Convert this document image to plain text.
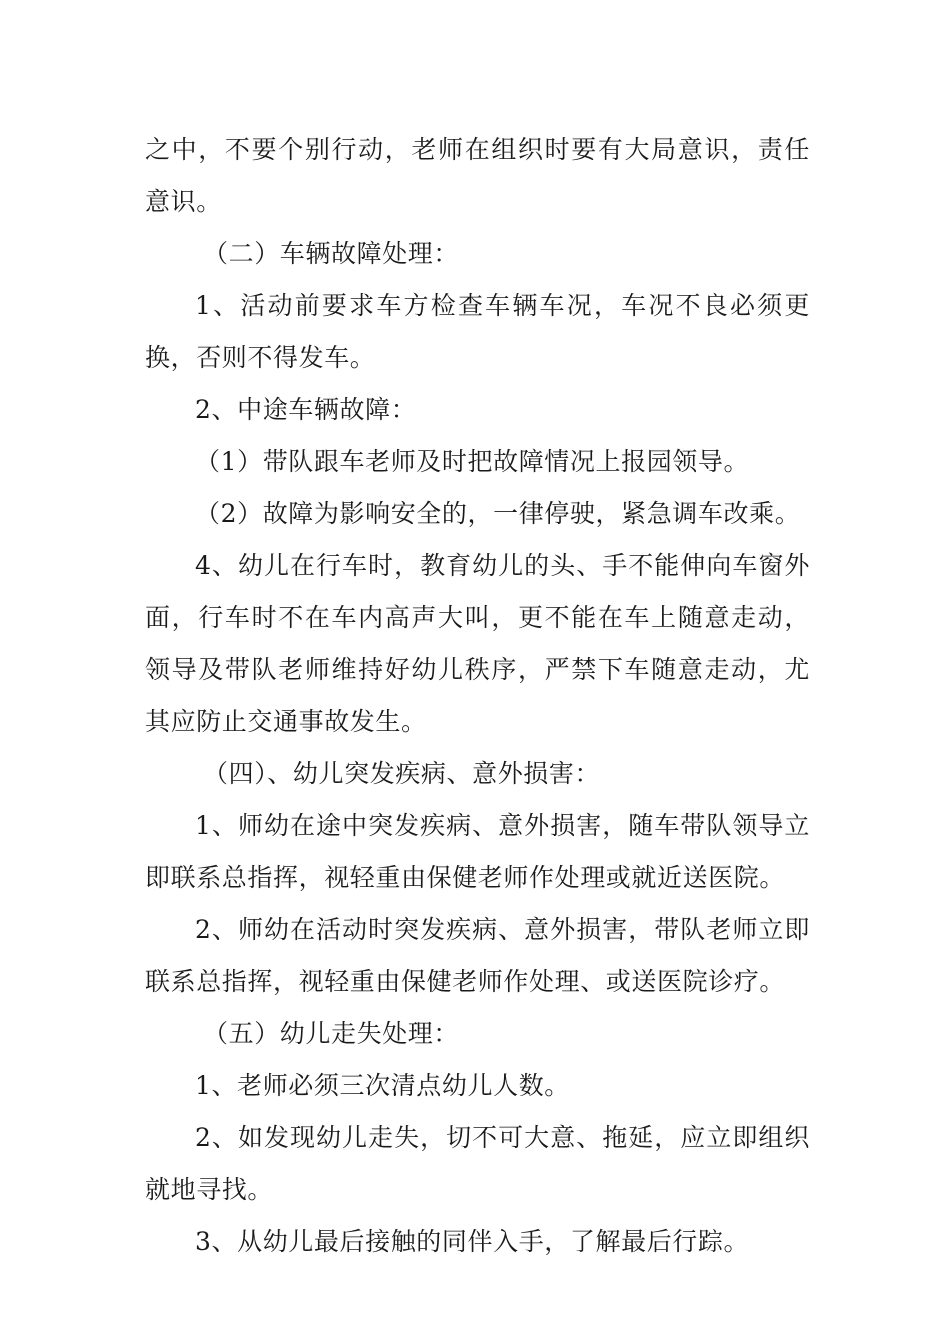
之中，不要个别行动，老师在组织时要有大局意识，责任意识。

（二）车辆故障处理：

1、活动前要求车方检查车辆车况，车况不良必须更换，否则不得发车。

2、中途车辆故障：

（1）带队跟车老师及时把故障情况上报园领导。

（2）故障为影响安全的，一律停驶，紧急调车改乘。

4、幼儿在行车时，教育幼儿的头、手不能伸向车窗外面，行车时不在车内高声大叫，更不能在车上随意走动，领导及带队老师维持好幼儿秩序，严禁下车随意走动，尤其应防止交通事故发生。

（四）、幼儿突发疾病、意外损害：

1、师幼在途中突发疾病、意外损害，随车带队领导立即联系总指挥，视轻重由保健老师作处理或就近送医院。

2、师幼在活动时突发疾病、意外损害，带队老师立即联系总指挥，视轻重由保健老师作处理、或送医院诊疗。

（五）幼儿走失处理：

1、老师必须三次清点幼儿人数。

2、如发现幼儿走失，切不可大意、拖延，应立即组织就地寻找。

3、从幼儿最后接触的同伴入手，了解最后行踪。
